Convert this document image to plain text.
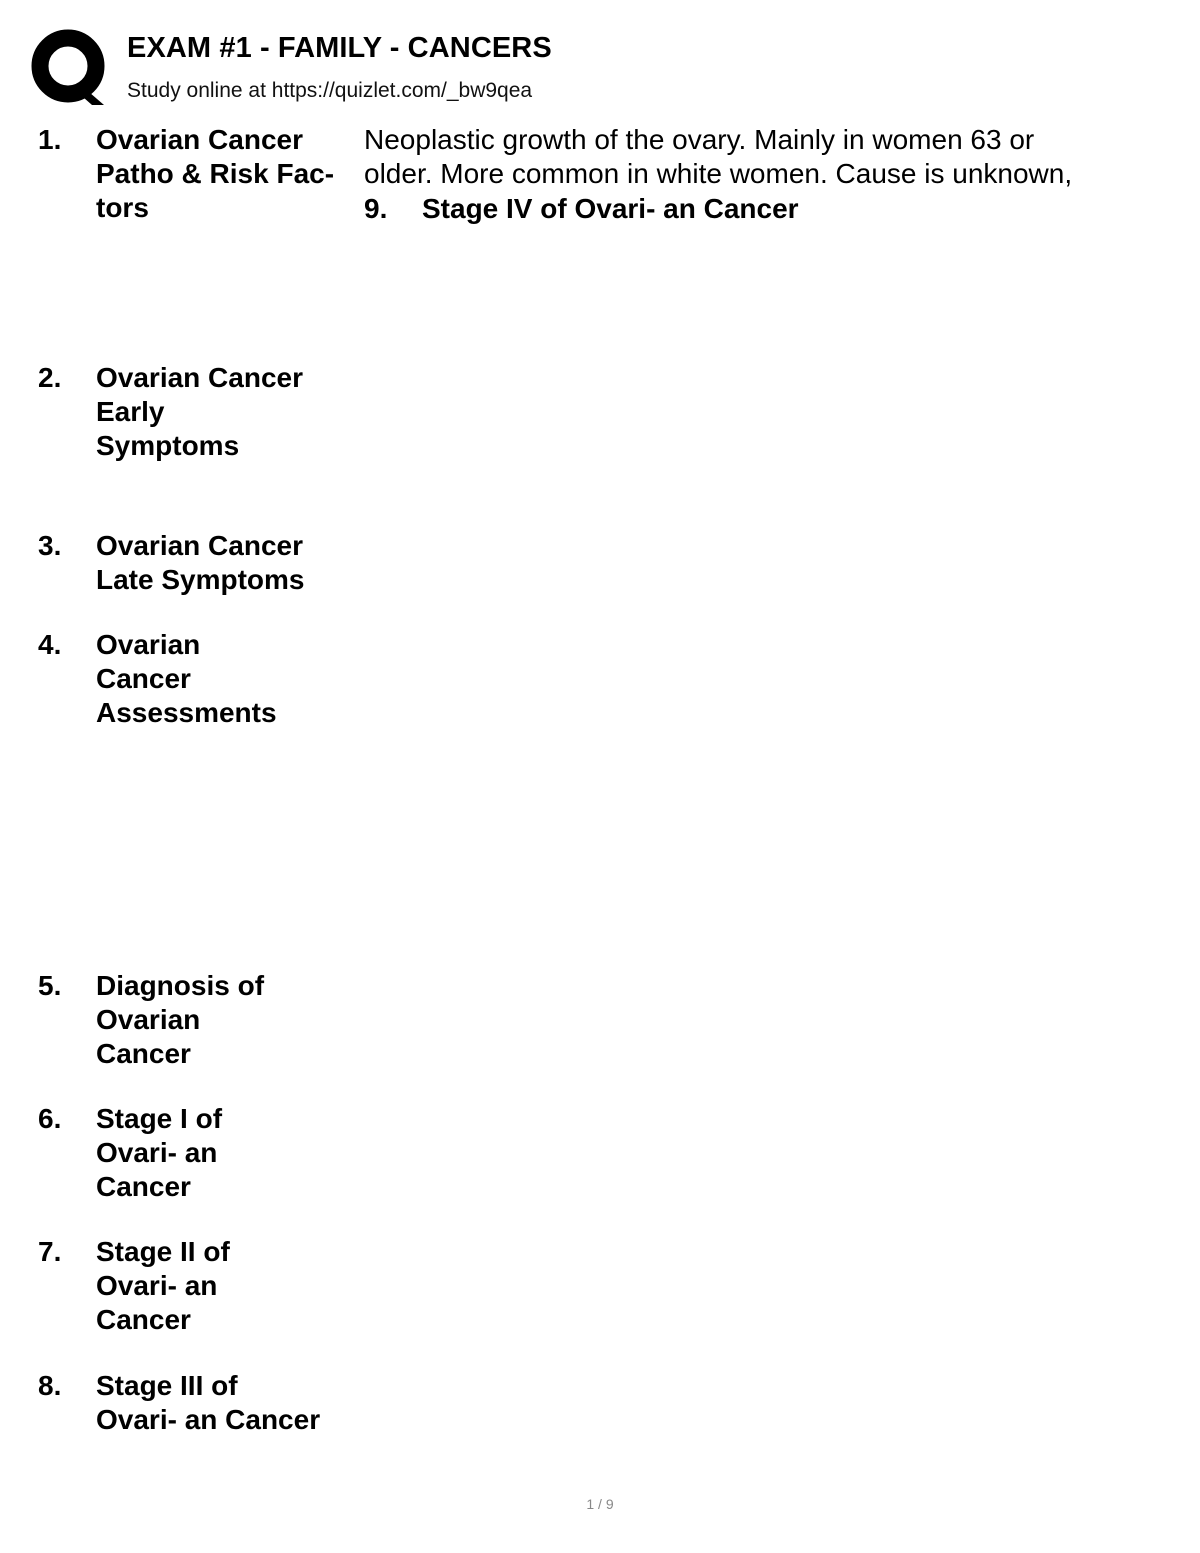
EXAM #1 - FAMILY - CANCERS
Study online at https://quizlet.com/_bw9qea
1.	Ovarian Cancer
Patho & Risk Fac-
tors
Neoplastic growth of the ovary. Mainly in women 63 or
older. More common in white women. Cause is unknown,
9. Stage IV of Ovari- an Cancer
2.	Ovarian Cancer
Early
Symptoms
3.	Ovarian Cancer
Late Symptoms
4.	Ovarian
Cancer
Assessments
5.	Diagnosis of
Ovarian
Cancer
6.	Stage I of
Ovari- an
Cancer
7.	Stage II of
Ovari- an
Cancer
8.	Stage III of
Ovari- an Cancer
1 / 9
